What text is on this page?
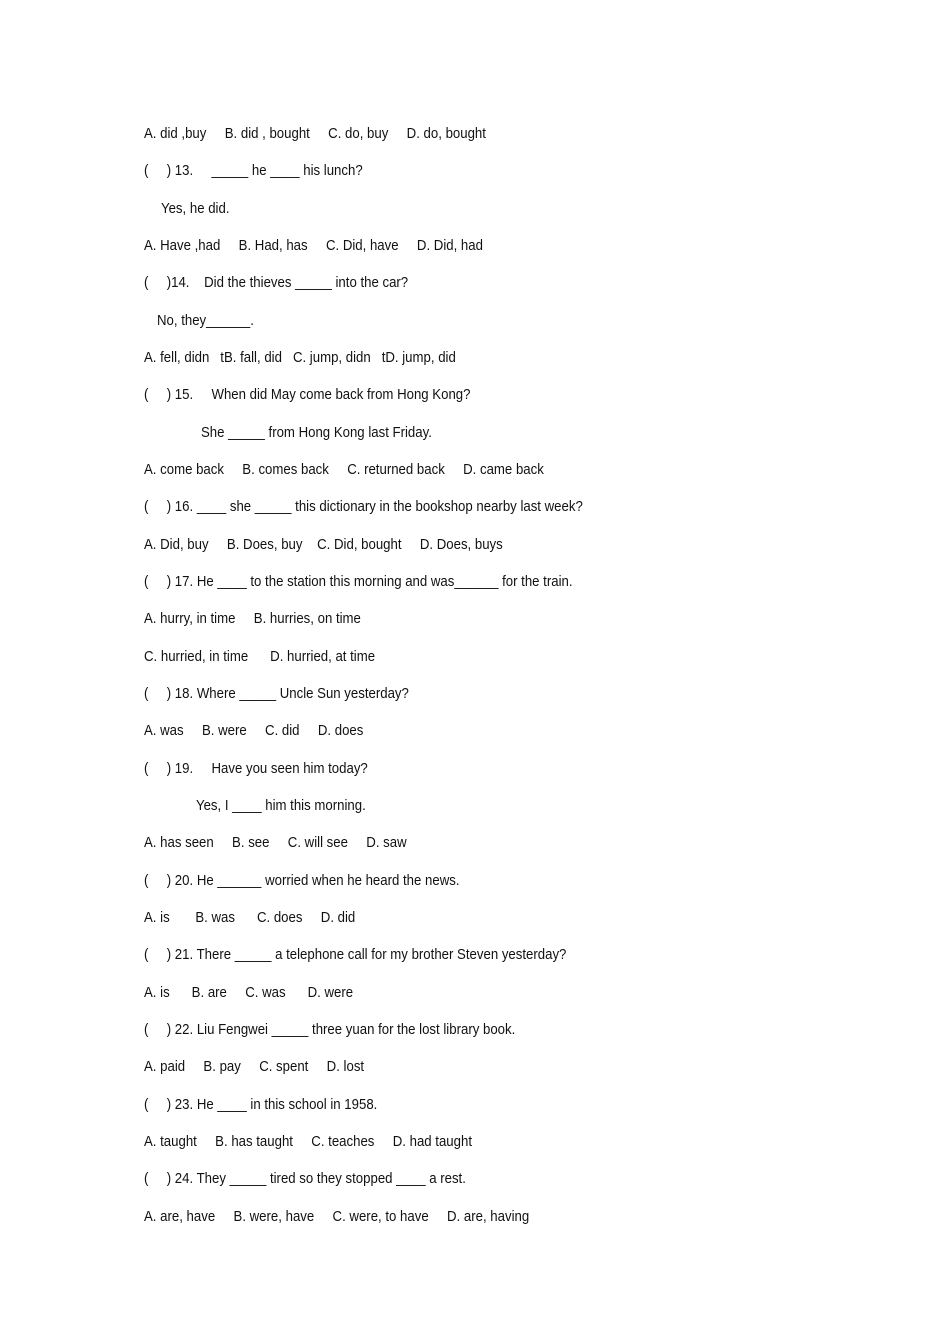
A. did ,buy     B. did , bought     C. do, buy     D. do, bought
(     ) 13.     _____ he ____ his lunch?
Yes, he did.
A. Have ,had     B. Had, has     C. Did, have     D. Did, had
(     )14.    Did the thieves _____ into the car?
No, they______.
A. fell, didn   tB. fall, did   C. jump, didn   tD. jump, did
(     ) 15.     When did May come back from Hong Kong?
She _____ from Hong Kong last Friday.
A. come back     B. comes back     C. returned back     D. came back
(     ) 16. ____ she _____ this dictionary in the bookshop nearby last week?
A. Did, buy     B. Does, buy    C. Did, bought     D. Does, buys
(     ) 17. He ____ to the station this morning and was______ for the train.
A. hurry, in time     B. hurries, on time
C. hurried, in time      D. hurried, at time
(     ) 18. Where _____ Uncle Sun yesterday?
A. was     B. were     C. did     D. does
(     ) 19.     Have you seen him today?
Yes, I ____ him this morning.
A. has seen     B. see     C. will see     D. saw
(     ) 20. He ______ worried when he heard the news.
A. is       B. was      C. does     D. did
(     ) 21. There _____ a telephone call for my brother Steven yesterday?
A. is      B. are     C. was      D. were
(     ) 22. Liu Fengwei _____ three yuan for the lost library book.
A. paid     B. pay     C. spent     D. lost
(     ) 23. He ____ in this school in 1958.
A. taught     B. has taught     C. teaches     D. had taught
(     ) 24. They _____ tired so they stopped ____ a rest.
A. are, have     B. were, have     C. were, to have     D. are, having
